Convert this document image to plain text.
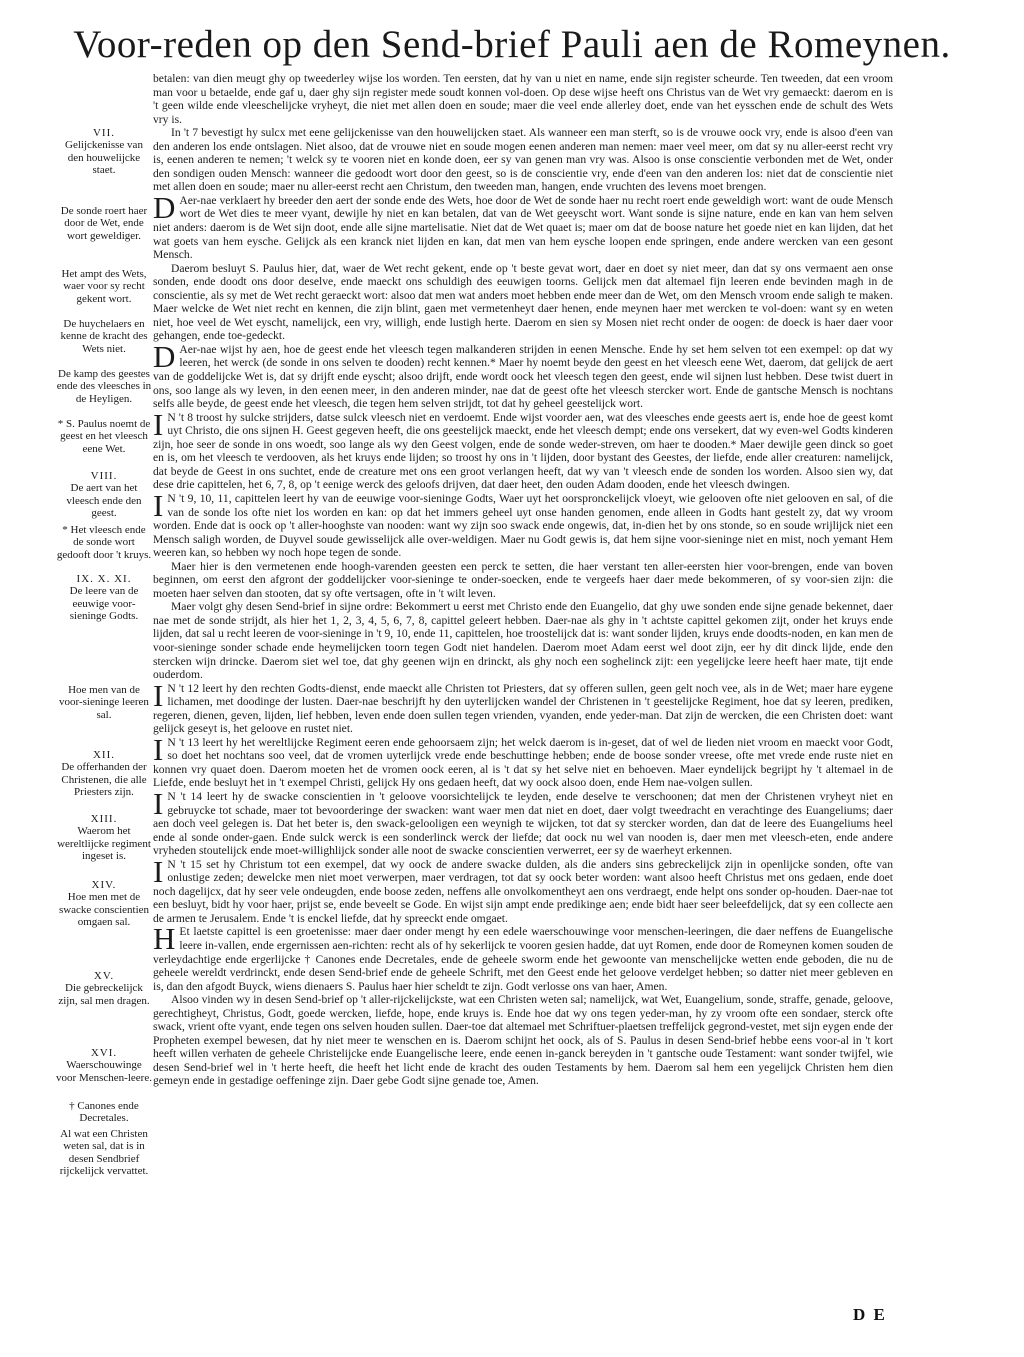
Voor-reden op den Send-brief Pauli aen de Romeynen.
VII.
Gelijckenisse van den houwelijcke staet.
De sonde roert haer door de Wet, ende wort geweldiger.
Het ampt des Wets, waer voor sy recht gekent wort.
De huychelaers en kenne de kracht des Wets niet.
De kamp des geestes ende des vleesches in de Heyligen.
* S. Paulus noemt de geest en het vleesch eene Wet.
VIII.
De aert van het vleesch ende den geest.
* Het vleesch ende de sonde wort gedooft door 't kruys.
IX. X. XI.
De leere van de eeuwige voor-sieninge Godts.
Hoe men van de voor-sieninge leeren sal.
XII.
De offerhanden der Christenen, die alle Priesters zijn.
XIII.
Waerom het wereltlijcke regiment ingeset is.
XIV.
Hoe men met de swacke conscientien omgaen sal.
XV.
Die gebreckelijck zijn, sal men dragen.
XVI.
Waerschouwinge voor Menschen-leere.
† Canones ende Decretales.
Al wat een Christen weten sal, dat is in desen Sendbrief rijckelijck vervattet.

betalen: van dien meugt ghy op tweederley wijse los worden. Ten eersten, dat hy van u niet en name, ende sijn register scheurde. Ten tweeden, dat een vroom man voor u betaelde, ende gaf u, daer ghy sijn register mede soudt konnen vol-doen. Op dese wijse heeft ons Christus van de Wet vry gemaeckt: daerom en is 't geen wilde ende vleeschelijcke vryheyt, die niet met allen doen en soude; maer die veel ende allerley doet, ende van het eysschen ende de schult des Wets vry is.

In 't 7 bevestigt hy sulcx met eene gelijckenisse van den houwelijcken staet. Als wanneer een man sterft, so is de vrouwe oock vry, ende is alsoo d'een van den anderen los ende ontslagen. Niet alsoo, dat de vrouwe niet en soude mogen eenen anderen man nemen: maer veel meer, om dat sy nu aller-eerst recht vry is, eenen anderen te nemen; 't welck sy te vooren niet en konde doen, eer sy van genen man vry was. Alsoo is onse conscientie verbonden met de Wet, onder den sondigen ouden Mensch: wanneer die gedoodt wort door den geest, so is de conscientie vry, ende d'een van den anderen los: niet dat de conscientie niet met allen doen en soude; maer nu aller-eerst recht aen Christum, den tweeden man, hangen, ende vruchten des levens moet brengen.

D Aer-nae verklaert hy breeder den aert der sonde ende des Wets, hoe door de Wet de sonde haer nu recht roert ende geweldigh wort: want de oude Mensch wort de Wet dies te meer vyant, dewijle hy niet en kan betalen, dat van de Wet geeyscht wort. Want sonde is sijne nature, ende en kan van hem selven niet anders: daerom is de Wet sijn doot, ende alle sijne martelisatie. Niet dat de Wet quaet is; maer om dat de boose nature het goede niet en kan lijden, dat het wat goets van hem eysche. Gelijck als een kranck niet lijden en kan, dat men van hem eysche loopen ende springen, ende andere wercken van een gesont Mensch.

Daerom besluyt S. Paulus hier, dat, waer de Wet recht gekent, ende op 't beste gevat wort, daer en doet sy niet meer, dan dat sy ons vermaent aen onse sonden, ende doodt ons door deselve, ende maeckt ons schuldigh des eeuwigen toorns. Gelijck men dat altemael fijn leeren ende bevinden magh in de conscientie, als sy met de Wet recht geraeckt wort: alsoo dat men wat anders moet hebben ende meer dan de Wet, om den Mensch vroom ende saligh te maken. Maer welcke de Wet niet recht en kennen, die zijn blint, gaen met vermetenheyt daer henen, ende meynen haer met wercken te vol-doen: want sy en weten niet, hoe veel de Wet eyscht, namelijck, een vry, willigh, ende lustigh herte. Daerom en sien sy Mosen niet recht onder de oogen: de doeck is haer daer voor gehangen, ende toe-gedeckt.

D Aer-nae wijst hy aen, hoe de geest ende het vleesch tegen malkanderen strijden in eenen Mensche. Ende hy set hem selven tot een exempel: op dat wy leeren, het werck (de sonde in ons selven te dooden) recht kennen.* Maer hy noemt beyde den geest en het vleesch eene Wet, daerom, dat gelijck de aert van de goddelijcke Wet is, dat sy drijft ende eyscht; alsoo drijft, ende wordt oock het vleesch tegen den geest, ende wil sijnen lust hebben. Dese twist duert in ons, soo lange als wy leven, in den eenen meer, in den anderen minder, nae dat de geest ofte het vleesch stercker wort. Ende de gantsche Mensch is nochtans selfs alle beyde, de geest ende het vleesch, die tegen hem selven strijdt, tot dat hy geheel geestelijck wort.

I N 't 8 troost hy sulcke strijders, datse sulck vleesch niet en verdoemt. Ende wijst voorder aen, wat des vleesches ende geests aert is, ende hoe de geest komt uyt Christo, die ons sijnen H. Geest gegeven heeft, die ons geestelijck maeckt, ende het vleesch dempt; ende ons versekert, dat wy even-wel Godts kinderen zijn, hoe seer de sonde in ons woedt, soo lange als wy den Geest volgen, ende de sonde weder-streven, om haer te dooden.* Maer dewijle geen dinck so goet en is, om het vleesch te verdooven, als het kruys ende lijden; so troost hy ons in 't lijden, door bystant des Geestes, der liefde, ende aller creaturen: namelijck, dat beyde de Geest in ons suchtet, ende de creature met ons een groot verlangen heeft, dat wy van 't vleesch ende de sonden los worden. Alsoo sien wy, dat dese drie capittelen, het 6, 7, 8, op 't eenige werck des geloofs drijven, dat daer heet, den ouden Adam dooden, ende het vleesch dwingen.

I N 't 9, 10, 11, capittelen leert hy van de eeuwige voor-sieninge Godts, Waer uyt het oorspronckelijck vloeyt, wie gelooven ofte niet gelooven en sal, of die van de sonde los ofte niet los worden en kan: op dat het immers geheel uyt onse handen genomen, ende alleen in Godts hant gestelt zy, dat wy vroom worden. Ende dat is oock op 't aller-hooghste van nooden: want wy zijn soo swack ende ongewis, dat, in-dien het by ons stonde, so en soude wrijlijck niet een Mensch saligh worden, de Duyvel soude gewisselijck alle over-weldigen. Maer nu Godt gewis is, dat hem sijne voor-sieninge niet en mist, noch yemant Hem weeren kan, so hebben wy noch hope tegen de sonde.

Maer hier is den vermetenen ende hoogh-varenden geesten een perck te setten, die haer verstant ten aller-eersten hier voor-brengen, ende van boven beginnen, om eerst den afgront der goddelijcker voor-sieninge te onder-soecken, ende te vergeefs haer daer mede bekommeren, of sy voor-sien zijn: die moeten haer selven dan stooten, dat sy ofte vertsagen, ofte in 't wilt leven.

Maer volgt ghy desen Send-brief in sijne ordre: Bekommert u eerst met Christo ende den Euangelio, dat ghy uwe sonden ende sijne genade bekennet, daer nae met de sonde strijdt, als hier het 1, 2, 3, 4, 5, 6, 7, 8, capittel geleert hebben. Daer-nae als ghy in 't achtste capittel gekomen zijt, onder het kruys ende lijden, dat sal u recht leeren de voor-sieninge in 't 9, 10, ende 11, capittelen, hoe troostelijck dat is: want sonder lijden, kruys ende doodts-noden, en kan men de voor-sieninge sonder schade ende heymelijcken toorn tegen Godt niet handelen. Daerom moet Adam eerst wel doot zijn, eer hy dit dinck lijde, ende den stercken wijn drincke. Daerom siet wel toe, dat ghy geenen wijn en drinckt, als ghy noch een soghelinck zijt: een yegelijcke leere heeft haer mate, tijt ende ouderdom.

I N 't 12 leert hy den rechten Godts-dienst, ende maeckt alle Christen tot Priesters, dat sy offeren sullen, geen gelt noch vee, als in de Wet; maer hare eygene lichamen, met doodinge der lusten. Daer-nae beschrijft hy den uyterlijcken wandel der Christenen in 't geestelijcke Regiment, hoe dat sy leeren, prediken, regeren, dienen, geven, lijden, lief hebben, leven ende doen sullen tegen vrienden, vyanden, ende yeder-man. Dat zijn de wercken, die een Christen doet: want gelijck geseyt is, het geloove en rustet niet.

I N 't 13 leert hy het wereltlijcke Regiment eeren ende gehoorsaem zijn; het welck daerom is in-geset, dat of wel de lieden niet vroom en maeckt voor Godt, so doet het nochtans soo veel, dat de vromen uyterlijck vrede ende beschuttinge hebben; ende de boose sonder vreese, ofte met vrede ende ruste niet en konnen vry quaet doen. Daerom moeten het de vromen oock eeren, al is 't dat sy het selve niet en behoeven. Maer eyndelijck begrijpt hy 't altemael in de Liefde, ende besluyt het in 't exempel Christi, gelijck Hy ons gedaen heeft, dat wy oock alsoo doen, ende Hem nae-volgen sullen.

I N 't 14 leert hy de swacke conscientien in 't geloove voorsichtelijck te leyden, ende deselve te verschoonen; dat men der Christenen vryheyt niet en gebruycke tot schade, maer tot bevoorderinge der swacken: want waer men dat niet en doet, daer volgt tweedracht en verachtinge des Euangeliums; daer aen doch veel gelegen is. Dat het beter is, den swack-gelooligen een weynigh te wijcken, tot dat sy stercker worden, dan dat de leere des Euangeliums heel ende al sonde onder-gaen. Ende sulck werck is een sonderlinck werck der liefde; dat oock nu wel van nooden is, daer men met vleesch-eten, ende andere vryheden stoutelijck ende moet-willighlijck sonder alle noot de swacke conscientien verwerret, eer sy de waerheyt erkennen.

I N 't 15 set hy Christum tot een exempel, dat wy oock de andere swacke dulden, als die anders sins gebreckelijck zijn in openlijcke sonden, ofte van onlustige zeden; dewelcke men niet moet verwerpen, maer verdragen, tot dat sy oock beter worden: want alsoo heeft Christus met ons gedaen, ende doet noch dagelijcx, dat hy seer vele ondeugden, ende boose zeden, neffens alle onvolkomentheyt aen ons verdraegt, ende helpt ons sonder op-houden. Daer-nae tot een besluyt, bidt hy voor haer, prijst se, ende beveelt se Gode. En wijst sijn ampt ende predikinge aen; ende bidt haer seer beleefdelijck, dat sy een collecte aen de armen te Jerusalem. Ende 't is enckel liefde, dat hy spreeckt ende omgaet.

H Et laetste capittel is een groetenisse: maer daer onder mengt hy een edele waerschouwinge voor menschen-leeringen, die daer neffens de Euangelische leere in-vallen, ende ergernissen aen-richten: recht als of hy sekerlijck te vooren gesien hadde, dat uyt Romen, ende door de Romeynen komen souden de verleydachtige ende ergerlijcke † Canones ende Decretales, ende de geheele sworm ende het gewoonte van menschelijcke wetten ende geboden, die nu de geheele wereldt verdrinckt, ende desen Send-brief ende de geheele Schrift, met den Geest ende het geloove verdelget hebben; so datter niet meer gebleven en is, dan den afgodt Buyck, wiens dienaers S. Paulus haer hier scheldt te zijn. Godt verlosse ons van haer, Amen.

Alsoo vinden wy in desen Send-brief op 't aller-rijckelijckste, wat een Christen weten sal; namelijck, wat Wet, Euangelium, sonde, straffe, genade, geloove, gerechtigheyt, Christus, Godt, goede wercken, liefde, hope, ende kruys is. Ende hoe dat wy ons tegen yeder-man, hy zy vroom ofte een sondaer, sterck ofte swack, vrient ofte vyant, ende tegen ons selven houden sullen. Daer-toe dat altemael met Schriftuer-plaetsen treffelijck gegrond-vestet, met sijn eygen ende der Propheten exempel bewesen, dat hy niet meer te wenschen en is. Daerom schijnt het oock, als of S. Paulus in desen Send-brief hebbe eens voor-al in 't kort heeft willen verhaten de geheele Christelijcke ende Euangelische leere, ende eenen in-ganck bereyden in 't gantsche oude Testament: want sonder twijfel, wie desen Send-brief wel in 't herte heeft, die heeft het licht ende de kracht des ouden Testaments by hem. Daerom sal hem een yegelijck Christen hem dien gemeyn ende in gestadige oeffeninge zijn. Daer gebe Godt sijne genade toe, Amen.

D E
